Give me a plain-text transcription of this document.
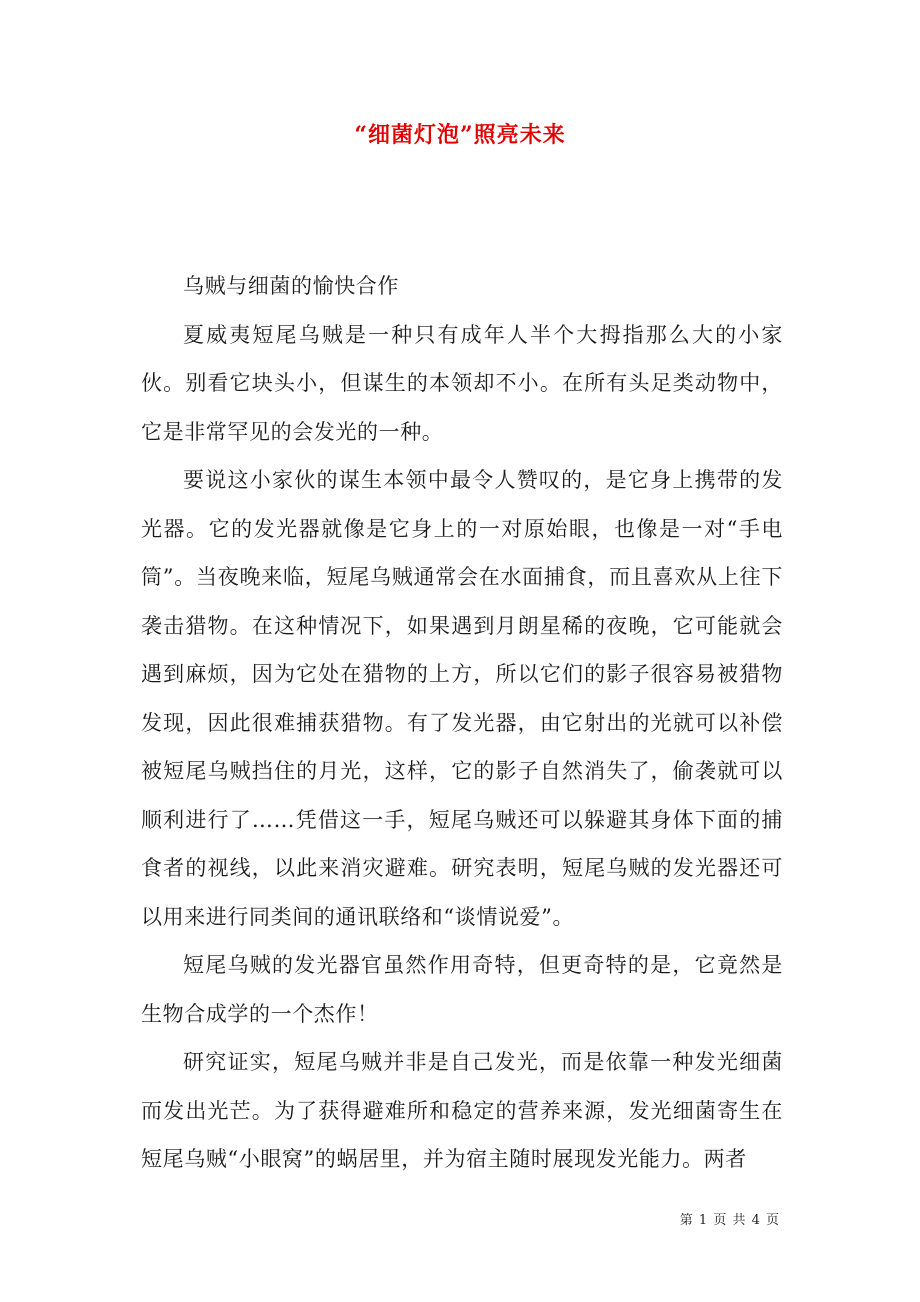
“细菌灯泡”照亮未来

乌贼与细菌的愉快合作

夏威夷短尾乌贼是一种只有成年人半个大拇指那么大的小家伙。别看它块头小，但谋生的本领却不小。在所有头足类动物中，它是非常罕见的会发光的一种。

要说这小家伙的谋生本领中最令人赞叹的，是它身上携带的发光器。它的发光器就像是它身上的一对原始眼，也像是一对“手电筒”。当夜晚来临，短尾乌贼通常会在水面捕食，而且喜欢从上往下袭击猎物。在这种情况下，如果遇到月朗星稀的夜晚，它可能就会遇到麻烦，因为它处在猎物的上方，所以它们的影子很容易被猎物发现，因此很难捕获猎物。有了发光器，由它射出的光就可以补偿被短尾乌贼挡住的月光，这样，它的影子自然消失了，偷袭就可以顺利进行了……凭借这一手，短尾乌贼还可以躲避其身体下面的捕食者的视线，以此来消灾避难。研究表明，短尾乌贼的发光器还可以用来进行同类间的通讯联络和“谈情说爱”。

短尾乌贼的发光器官虽然作用奇特，但更奇特的是，它竟然是生物合成学的一个杰作！

研究证实，短尾乌贼并非是自己发光，而是依靠一种发光细菌而发出光芒。为了获得避难所和稳定的营养来源，发光细菌寄生在短尾乌贼“小眼窝”的蜗居里，并为宿主随时展现发光能力。两者

第 1 页 共 4 页
